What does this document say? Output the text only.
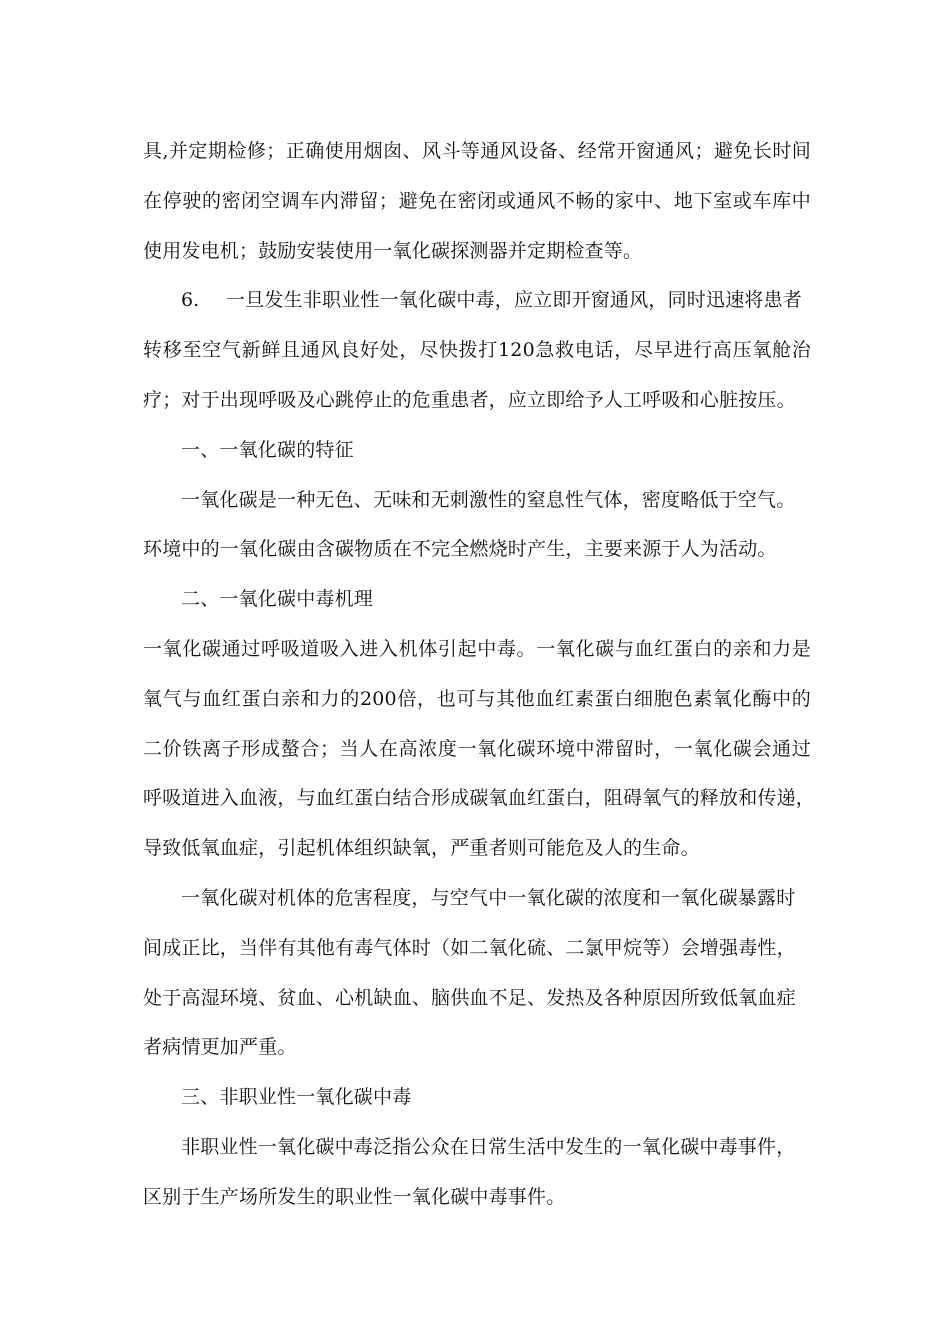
具,并定期检修；正确使用烟囱、风斗等通风设备、经常开窗通风；避免长时间
在停驶的密闭空调车内滞留；避免在密闭或通风不畅的家中、地下室或车库中
使用发电机；鼓励安装使用一氧化碳探测器并定期检查等。
6. 一旦发生非职业性一氧化碳中毒，应立即开窗通风，同时迅速将患者
转移至空气新鲜且通风良好处，尽快拨打120急救电话，尽早进行高压氧舱治
疗；对于出现呼吸及心跳停止的危重患者，应立即给予人工呼吸和心脏按压。
一、一氧化碳的特征
一氧化碳是一种无色、无味和无刺激性的窒息性气体，密度略低于空气。
环境中的一氧化碳由含碳物质在不完全燃烧时产生，主要来源于人为活动。
二、一氧化碳中毒机理
一氧化碳通过呼吸道吸入进入机体引起中毒。一氧化碳与血红蛋白的亲和力是
氧气与血红蛋白亲和力的200倍，也可与其他血红素蛋白细胞色素氧化酶中的
二价铁离子形成螯合；当人在高浓度一氧化碳环境中滞留时，一氧化碳会通过
呼吸道进入血液，与血红蛋白结合形成碳氧血红蛋白，阻碍氧气的释放和传递，
导致低氧血症，引起机体组织缺氧，严重者则可能危及人的生命。
一氧化碳对机体的危害程度，与空气中一氧化碳的浓度和一氧化碳暴露时
间成正比，当伴有其他有毒气体时（如二氧化硫、二氯甲烷等）会增强毒性，
处于高湿环境、贫血、心机缺血、脑供血不足、发热及各种原因所致低氧血症
者病情更加严重。
三、非职业性一氧化碳中毒
非职业性一氧化碳中毒泛指公众在日常生活中发生的一氧化碳中毒事件，
区别于生产场所发生的职业性一氧化碳中毒事件。
